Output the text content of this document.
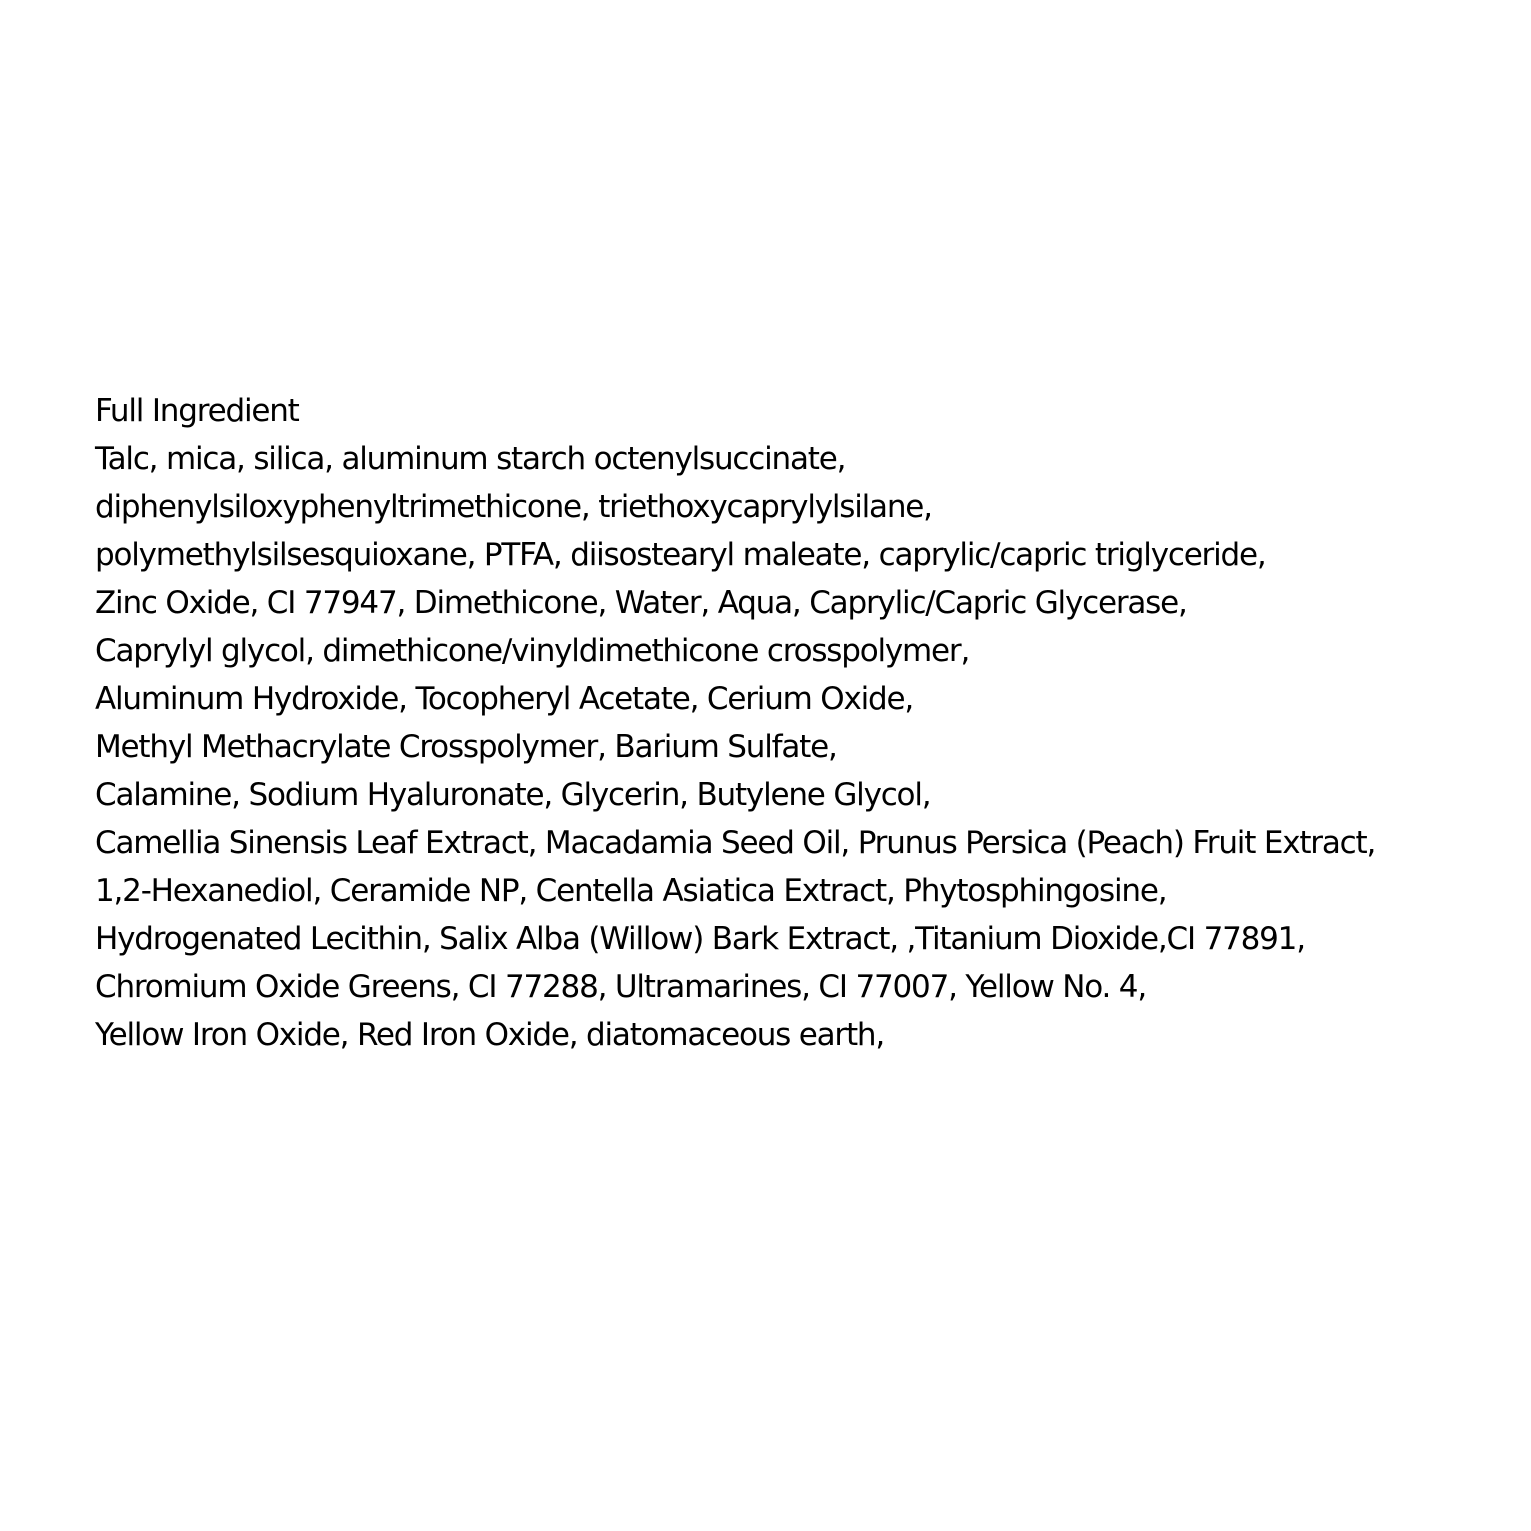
Full Ingredient
Talc, mica, silica, aluminum starch octenylsuccinate,
diphenylsiloxyphenyltrimethicone, triethoxycaprylylsilane,
polymethylsilsesquioxane, PTFA, diisostearyl maleate, caprylic/capric triglyceride,
Zinc Oxide, CI 77947, Dimethicone, Water, Aqua, Caprylic/Capric Glycerase,
Caprylyl glycol, dimethicone/vinyldimethicone crosspolymer,
Aluminum Hydroxide, Tocopheryl Acetate, Cerium Oxide,
Methyl Methacrylate Crosspolymer, Barium Sulfate,
Calamine, Sodium Hyaluronate, Glycerin, Butylene Glycol,
Camellia Sinensis Leaf Extract, Macadamia Seed Oil, Prunus Persica (Peach) Fruit Extract,
1,2-Hexanediol, Ceramide NP, Centella Asiatica Extract, Phytosphingosine,
Hydrogenated Lecithin, Salix Alba (Willow) Bark Extract, ,Titanium Dioxide,CI 77891,
Chromium Oxide Greens, CI 77288, Ultramarines, CI 77007, Yellow No. 4,
Yellow Iron Oxide, Red Iron Oxide, diatomaceous earth,
